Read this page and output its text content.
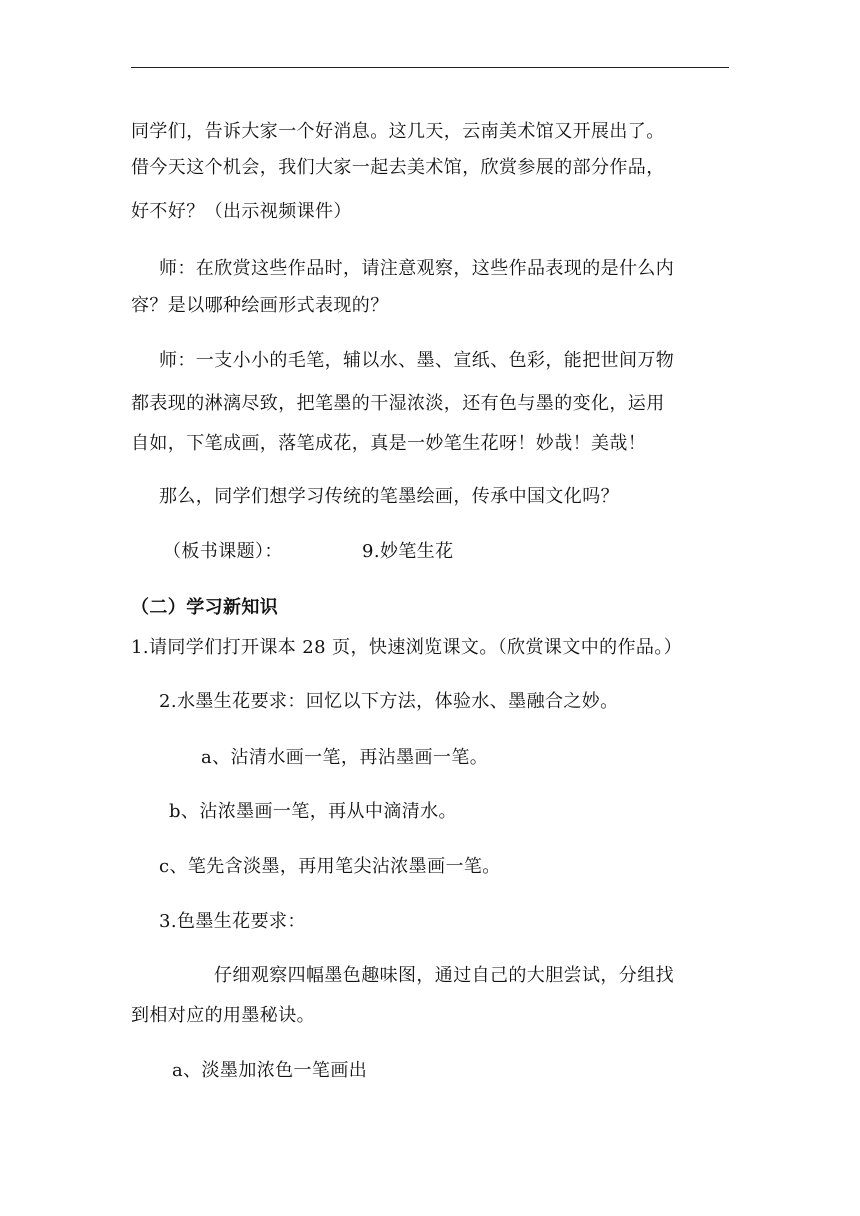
同学们，告诉大家一个好消息。这几天，云南美术馆又开展出了。
借今天这个机会，我们大家一起去美术馆，欣赏参展的部分作品，
好不好？（出示视频课件）
师：在欣赏这些作品时，请注意观察，这些作品表现的是什么内
容？是以哪种绘画形式表现的？
师：一支小小的毛笔，辅以水、墨、宣纸、色彩，能把世间万物
都表现的淋漓尽致，把笔墨的干湿浓淡，还有色与墨的变化，运用
自如，下笔成画，落笔成花，真是一妙笔生花呀！妙哉！美哉！
那么，同学们想学习传统的笔墨绘画，传承中国文化吗？
（板书课题）：	9.妙笔生花
（二）学习新知识
1.请同学们打开课本 28 页，快速浏览课文。（欣赏课文中的作品。）
2.水墨生花要求：回忆以下方法，体验水、墨融合之妙。
a、沾清水画一笔，再沾墨画一笔。
b、沾浓墨画一笔，再从中滴清水。
c、笔先含淡墨，再用笔尖沾浓墨画一笔。
3.色墨生花要求：
仔细观察四幅墨色趣味图，通过自己的大胆尝试，分组找
到相对应的用墨秘诀。
a、淡墨加浓色一笔画出
